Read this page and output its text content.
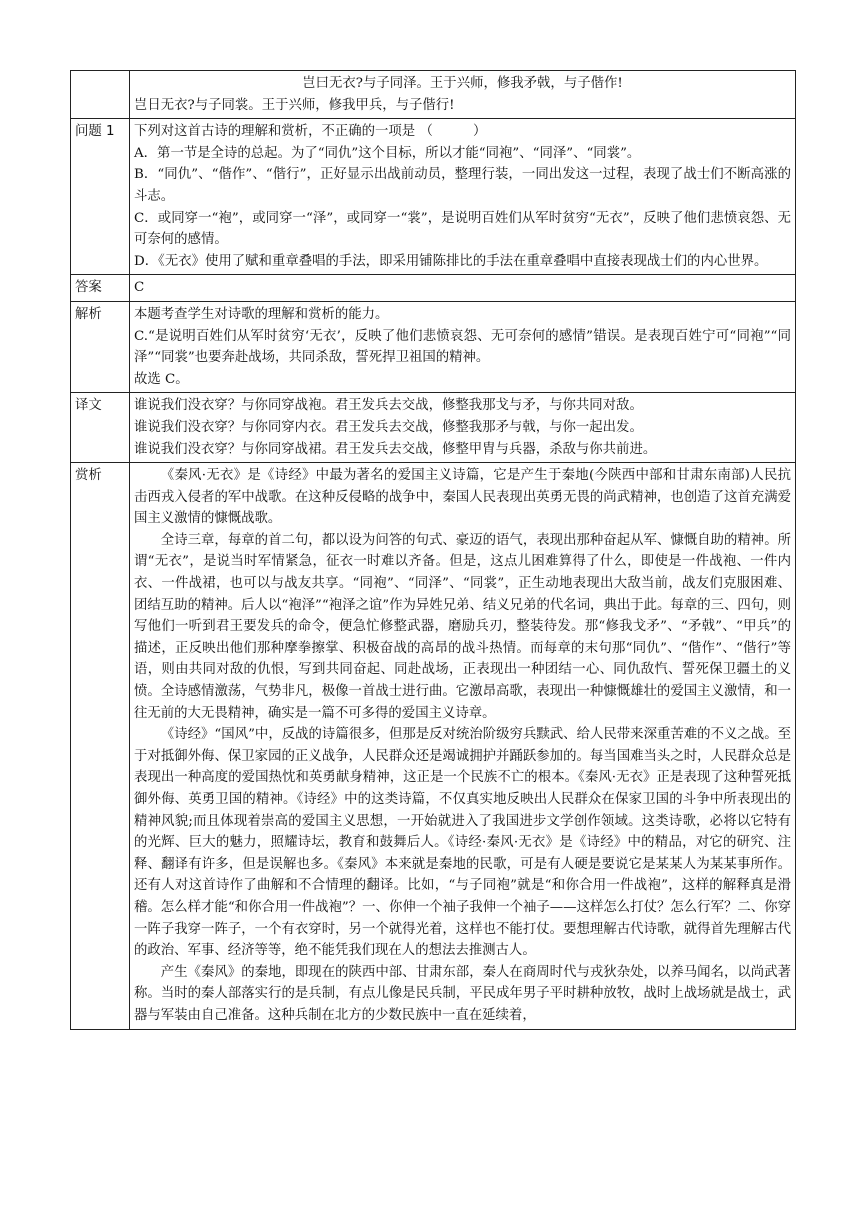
	岂曰无衣?与子同泽。王于兴师，修我矛戟，与子偕作!
岂日无衣?与子同裳。王于兴师，修我甲兵，与子偕行!

问题 1	下列对这首古诗的理解和赏析，不正确的一项是 （　　　）
A．第一节是全诗的总起。为了“同仇”这个目标，所以才能“同袍”、“同泽”、“同裳”。
B．“同仇”、“偕作”、“偕行”，正好显示出战前动员，整理行装，一同出发这一过程，表现了战士们不断高涨的斗志。
C．或同穿一“袍”，或同穿一“泽”，或同穿一“裳”，是说明百姓们从军时贫穷“无衣”，反映了他们悲愤哀怨、无可奈何的感情。
D．《无衣》使用了赋和重章叠唱的手法，即采用铺陈排比的手法在重章叠唱中直接表现战士们的内心世界。

答案	C
解析	本题考查学生对诗歌的理解和赏析的能力。
C.“是说明百姓们从军时贫穷‘无衣’，反映了他们悲愤哀怨、无可奈何的感情”错误。是表现百姓宁可“同袍”“同泽”“同裳”也要奔赴战场，共同杀敌，誓死捍卫祖国的精神。
故选 C。

译文	谁说我们没衣穿？与你同穿战袍。君王发兵去交战，修整我那戈与矛，与你共同对敌。
谁说我们没衣穿？与你同穿内衣。君王发兵去交战，修整我那矛与戟，与你一起出发。
谁说我们没衣穿？与你同穿战裙。君王发兵去交战，修整甲胄与兵器，杀敌与你共前进。

赏析	《秦风·无衣》是《诗经》中最为著名的爱国主义诗篇，它是产生于秦地(今陕西中部和甘肃东南部)人民抗击西戎入侵者的军中战歌。在这种反侵略的战争中，秦国人民表现出英勇无畏的尚武精神，也创造了这首充满爱国主义激情的慷慨战歌。

全诗三章，每章的首二句，都以设为问答的句式、豪迈的语气，表现出那种奋起从军、慷慨自助的精神。所谓“无衣”，是说当时军情紧急，征衣一时难以齐备。但是，这点儿困难算得了什么，即使是一件战袍、一件内衣、一件战裙，也可以与战友共享。“同袍”、“同泽”、“同裳”，正生动地表现出大敌当前，战友们克服困难、团结互助的精神。后人以“袍泽”“袍泽之谊”作为异姓兄弟、结义兄弟的代名词，典出于此。每章的三、四句，则写他们一听到君王要发兵的命令，便急忙修整武器，磨励兵刃，整装待发。那“修我戈矛”、“矛戟”、“甲兵”的描述，正反映出他们那种摩拳擦掌、积极奋战的高昂的战斗热情。而每章的末句那“同仇”、“偕作”、“偕行”等语，则由共同对敌的仇恨，写到共同奋起、同赴战场，正表现出一种团结一心、同仇敌忾、誓死保卫疆土的义愤。全诗感情激荡，气势非凡，极像一首战士进行曲。它激昂高歌，表现出一种慷慨雄壮的爱国主义激情，和一往无前的大无畏精神，确实是一篇不可多得的爱国主义诗章。

《诗经》“国风”中，反战的诗篇很多，但那是反对统治阶级穷兵黩武、给人民带来深重苦难的不义之战。至于对抵御外侮、保卫家园的正义战争，人民群众还是竭诚拥护并踊跃参加的。每当国难当头之时，人民群众总是表现出一种高度的爱国热忱和英勇献身精神，这正是一个民族不亡的根本。《秦风·无衣》正是表现了这种誓死抵御外侮、英勇卫国的精神。《诗经》中的这类诗篇，不仅真实地反映出人民群众在保家卫国的斗争中所表现出的精神风貌;而且体现着崇高的爱国主义思想，一开始就进入了我国进步文学创作领域。这类诗歌，必将以它特有的光辉、巨大的魅力，照耀诗坛，教育和鼓舞后人。《诗经·秦风·无衣》是《诗经》中的精品，对它的研究、注释、翻译有许多，但是误解也多。《秦风》本来就是秦地的民歌，可是有人硬是要说它是某某人为某某事所作。还有人对这首诗作了曲解和不合情理的翻译。比如，“与子同袍”就是“和你合用一件战袍”，这样的解释真是滑稽。怎么样才能“和你合用一件战袍”？一、你伸一个袖子我伸一个袖子——这样怎么打仗？怎么行军？二、你穿一阵子我穿一阵子，一个有衣穿时，另一个就得光着，这样也不能打仗。要想理解古代诗歌，就得首先理解古代的政治、军事、经济等等，绝不能凭我们现在人的想法去推测古人。

产生《秦风》的秦地，即现在的陕西中部、甘肃东部，秦人在商周时代与戎狄杂处，以养马闻名，以尚武著称。当时的秦人部落实行的是兵制，有点儿像是民兵制，平民成年男子平时耕种放牧，战时上战场就是战士，武器与军装由自己准备。这种兵制在北方的少数民族中一直在延续着，
